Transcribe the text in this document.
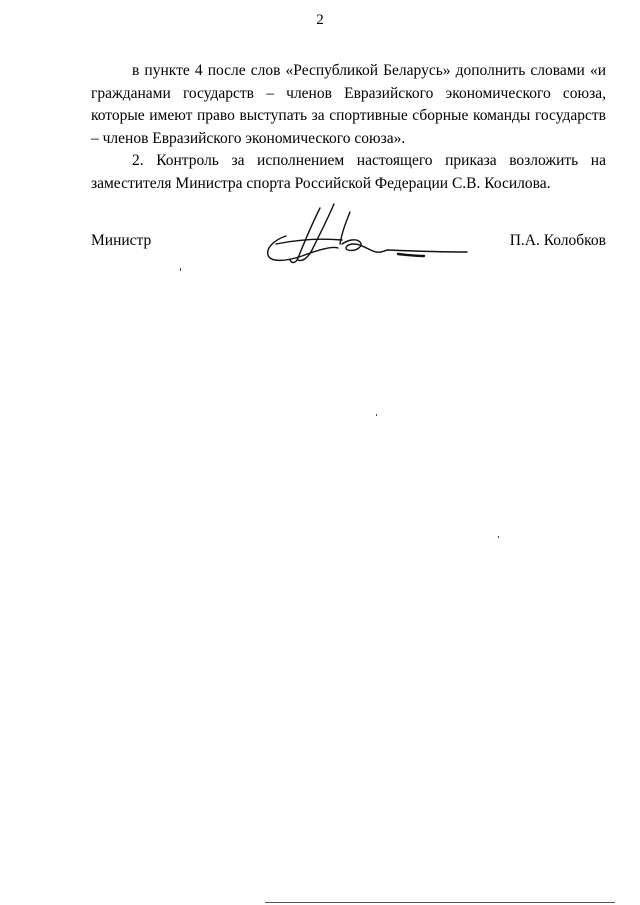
2

в пункте 4 после слов «Республикой Беларусь» дополнить словами «и гражданами государств – членов Евразийского экономического союза, которые имеют право выступать за спортивные сборные команды государств – членов Евразийского экономического союза».

2. Контроль за исполнением настоящего приказа возложить на заместителя Министра спорта Российской Федерации С.В. Косилова.

Министр	П.А. Колобков
